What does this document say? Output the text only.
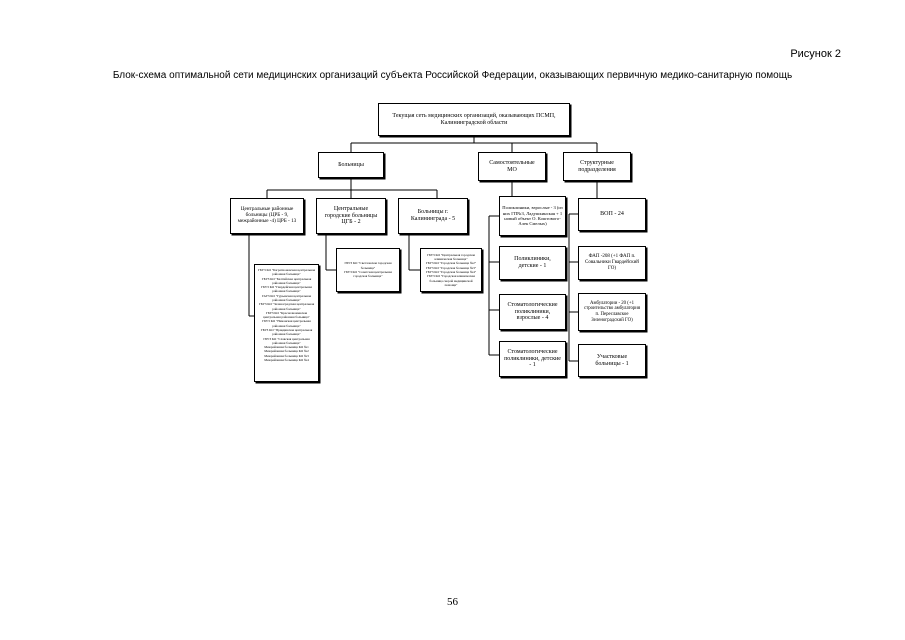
Рисунок 2
Блок-схема оптимальной сети медицинских организаций субъекта Российской Федерации, оказывающих первичную медико-санитарную помощь
Текущая сеть медицинских организаций, оказывающих ПСМП, Калининградской области
Больницы	Самостоятельные МО
Структурные подразделения
Центральные районные больницы (ЦРБ - 9, межрайонные -4) ЦРБ - 13
Центральные городские больницы ЦГБ - 2
Больницы г. Калининграда - 5
ГБУЗ КО "Багратионовская центральная районная больница"
ГБУЗ КО "Балтийская центральная районная больница"
ГБУЗ КО "Гвардейская центральная районная больница"
ГАУЗ КО "Гурьевская центральная районная больница"
ГБУЗ КО "Зеленоградская центральная районная больница"
ГБУЗ КО "Краснознаменская центральная районная больница"
ГБУЗ КО "Неманская центральная районная больница"
ГБУЗ КО "Правдинская центральная районная больница"
ГБУЗ КО "Славская центральная районная больница"
Межрайонная больница КО №1
Межрайонная больница КО №2
Межрайонная больница КО №3
Межрайонная больница КО №4
ГБУЗ КО "Светловская городская больница"
ГБУЗ КО "Советская центральная городская больница"
ГБУЗ КО "Центральная городская клиническая больница"
ГБУЗ КО "Городская больница №2"
ГБУЗ КО "Городская больница №3"
ГБУЗ КО "Городская больница №4"
ГБУЗ КО "Городская клиническая больница скорой медицинской помощи"
Поликлиники, взрослые - 3 (из них ГП№3, Ладушкинская + 1 новый объект О. Коштового-Алек Смелых)
Поликлиники, детские - 1
Стоматологические поликлиники, взрослые - 4
Стоматологические поликлиники, детские - 1
ВОП - 24
ФАП -208 (+1 ФАП п. Совальники Гвардейский ГО)
Амбулатории - 20 (+1 строительство амбулатория п. Переславское Зеленоградский ГО)
Участковые больницы - 1
56
